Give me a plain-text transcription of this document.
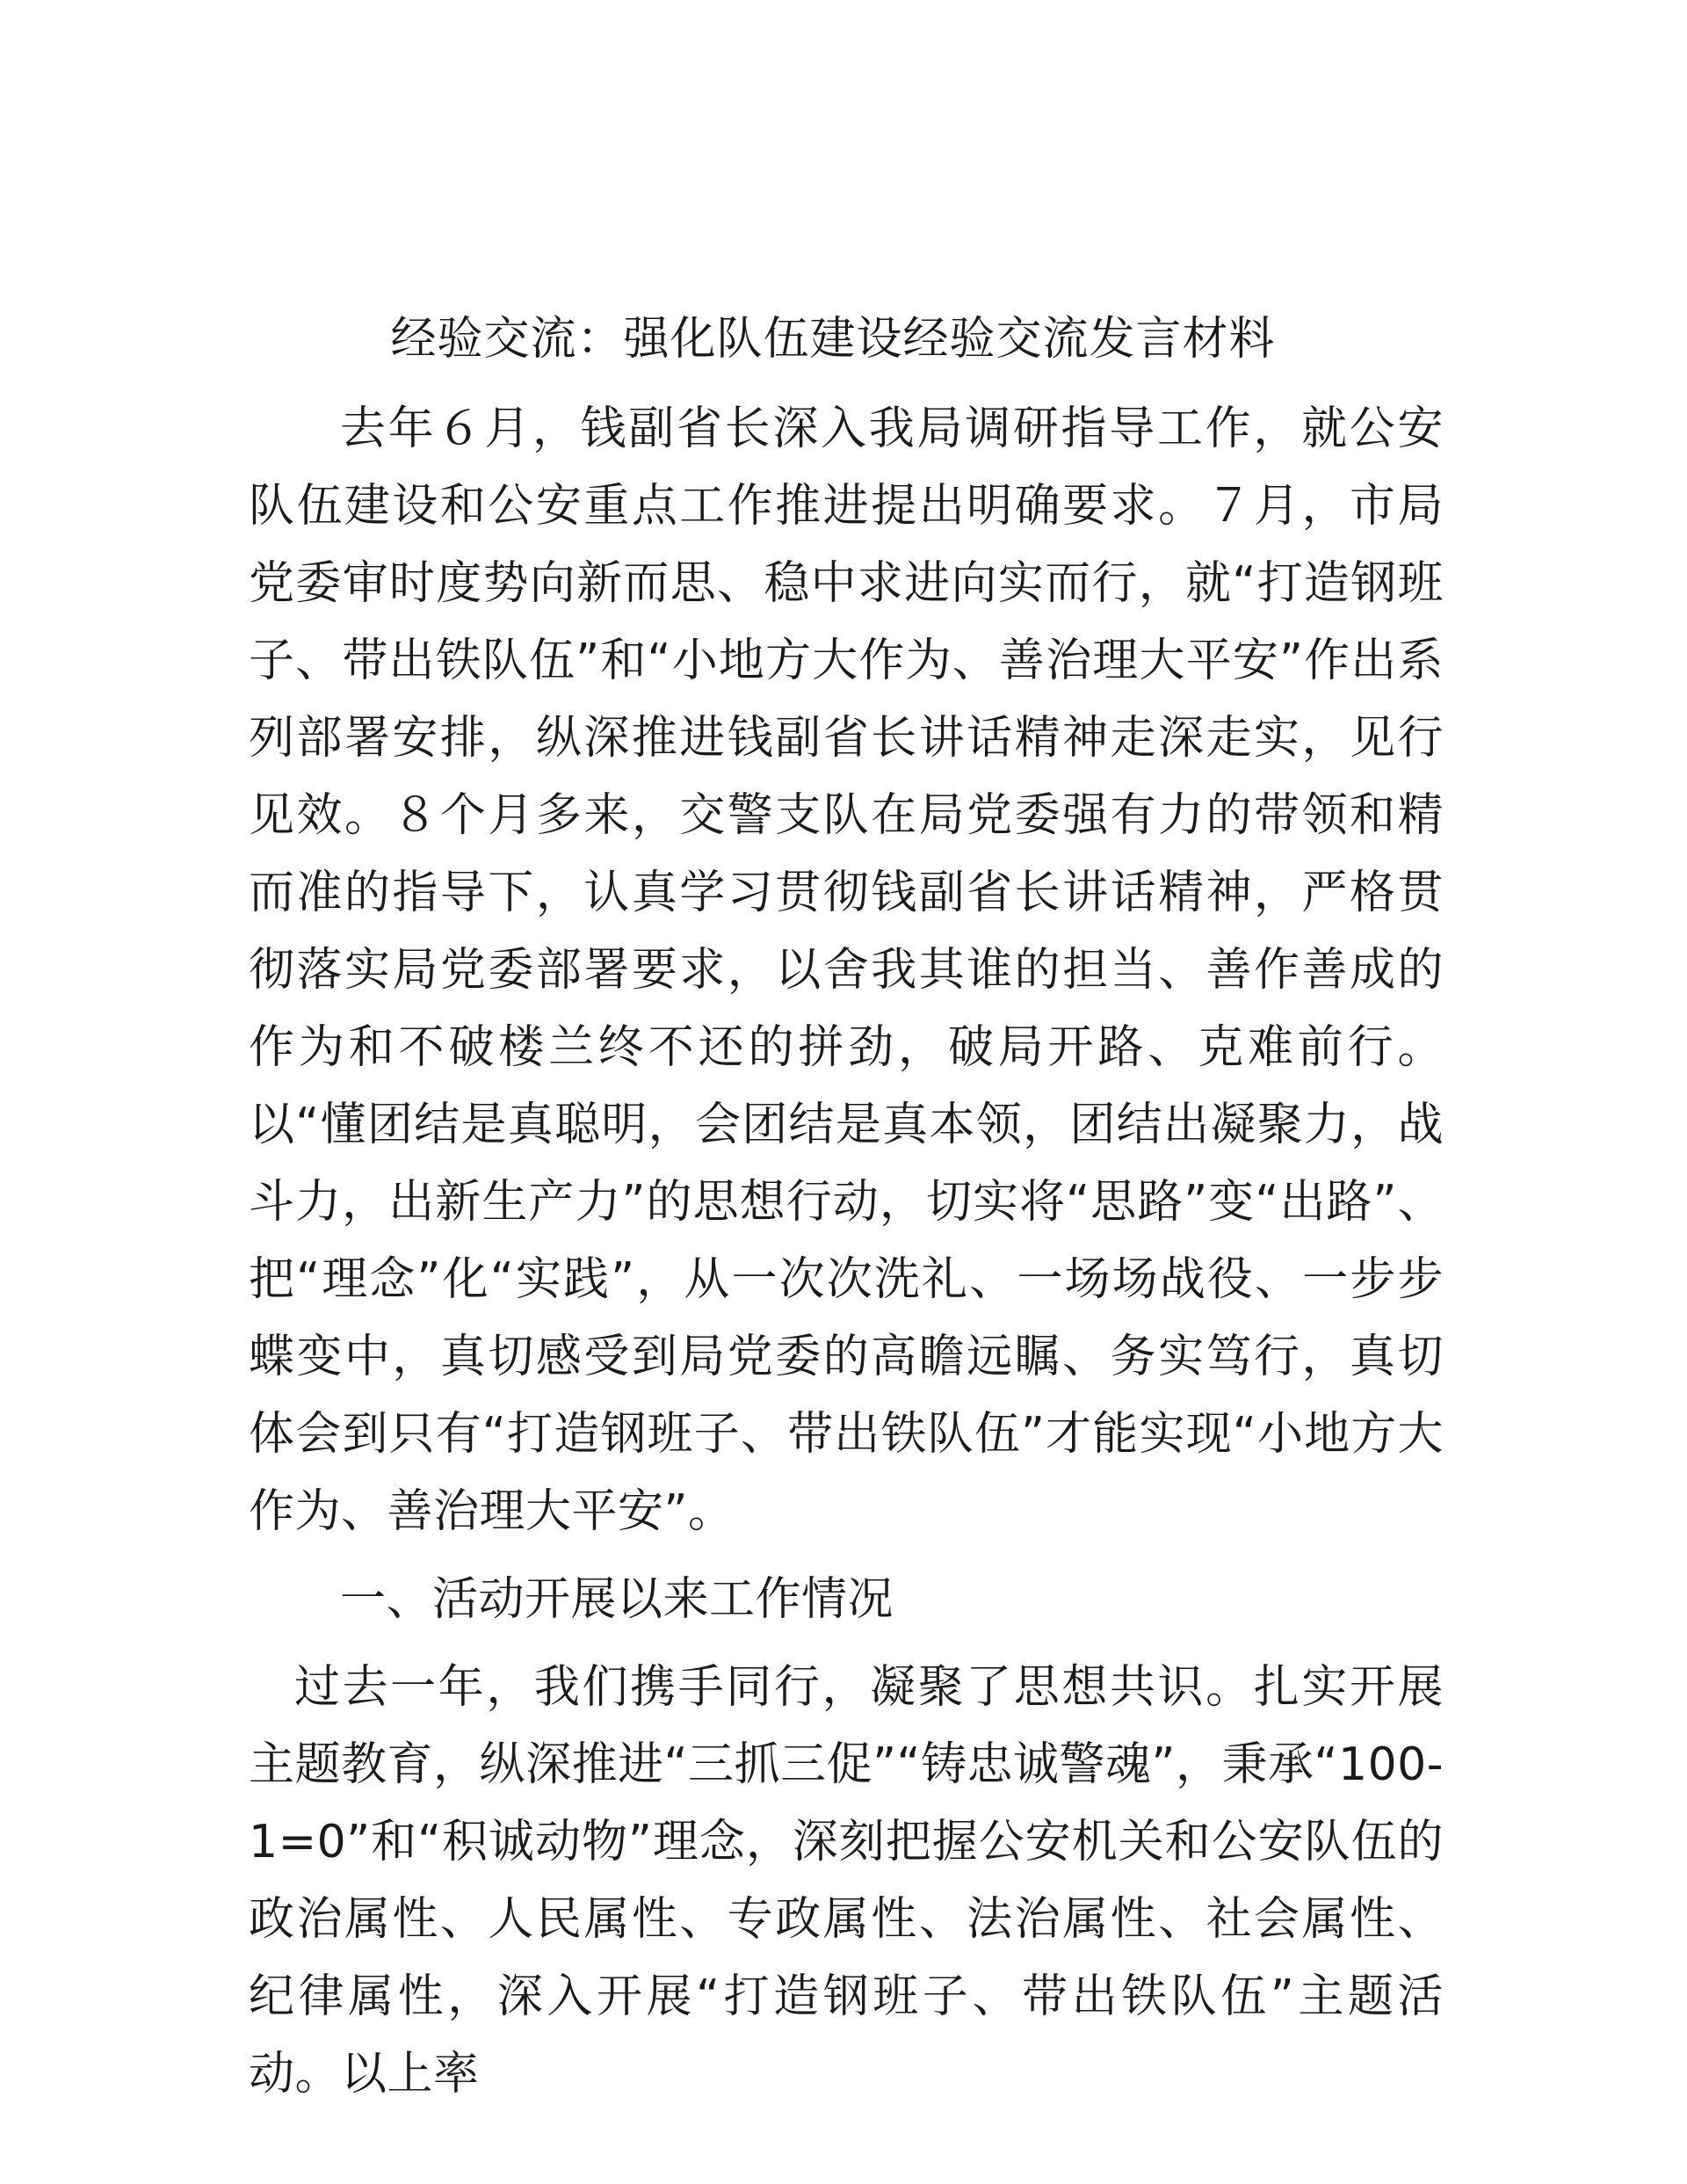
经验交流：强化队伍建设经验交流发言材料

去年６月，钱副省长深入我局调研指导工作，就公安队伍建设和公安重点工作推进提出明确要求。７月，市局党委审时度势向新而思、稳中求进向实而行，就“打造钢班子、带出铁队伍”和“小地方大作为、善治理大平安”作出系列部署安排，纵深推进钱副省长讲话精神走深走实，见行见效。８个月多来，交警支队在局党委强有力的带领和精而准的指导下，认真学习贯彻钱副省长讲话精神，严格贯彻落实局党委部署要求，以舍我其谁的担当、善作善成的作为和不破楼兰终不还的拼劲，破局开路、克难前行。以“懂团结是真聪明，会团结是真本领，团结出凝聚力，战斗力，出新生产力”的思想行动，切实将“思路”变“出路”、把“理念”化“实践”，从一次次洗礼、一场场战役、一步步蝶变中，真切感受到局党委的高瞻远瞩、务实笃行，真切体会到只有“打造钢班子、带出铁队伍”才能实现“小地方大作为、善治理大平安”。

一、活动开展以来工作情况

过去一年，我们携手同行，凝聚了思想共识。扎实开展主题教育，纵深推进“三抓三促”“铸忠诚警魂”，秉承“100-1=0”和“积诚动物”理念，深刻把握公安机关和公安队伍的政治属性、人民属性、专政属性、法治属性、社会属性、纪律属性，深入开展“打造钢班子、带出铁队伍”主题活动。以上率
